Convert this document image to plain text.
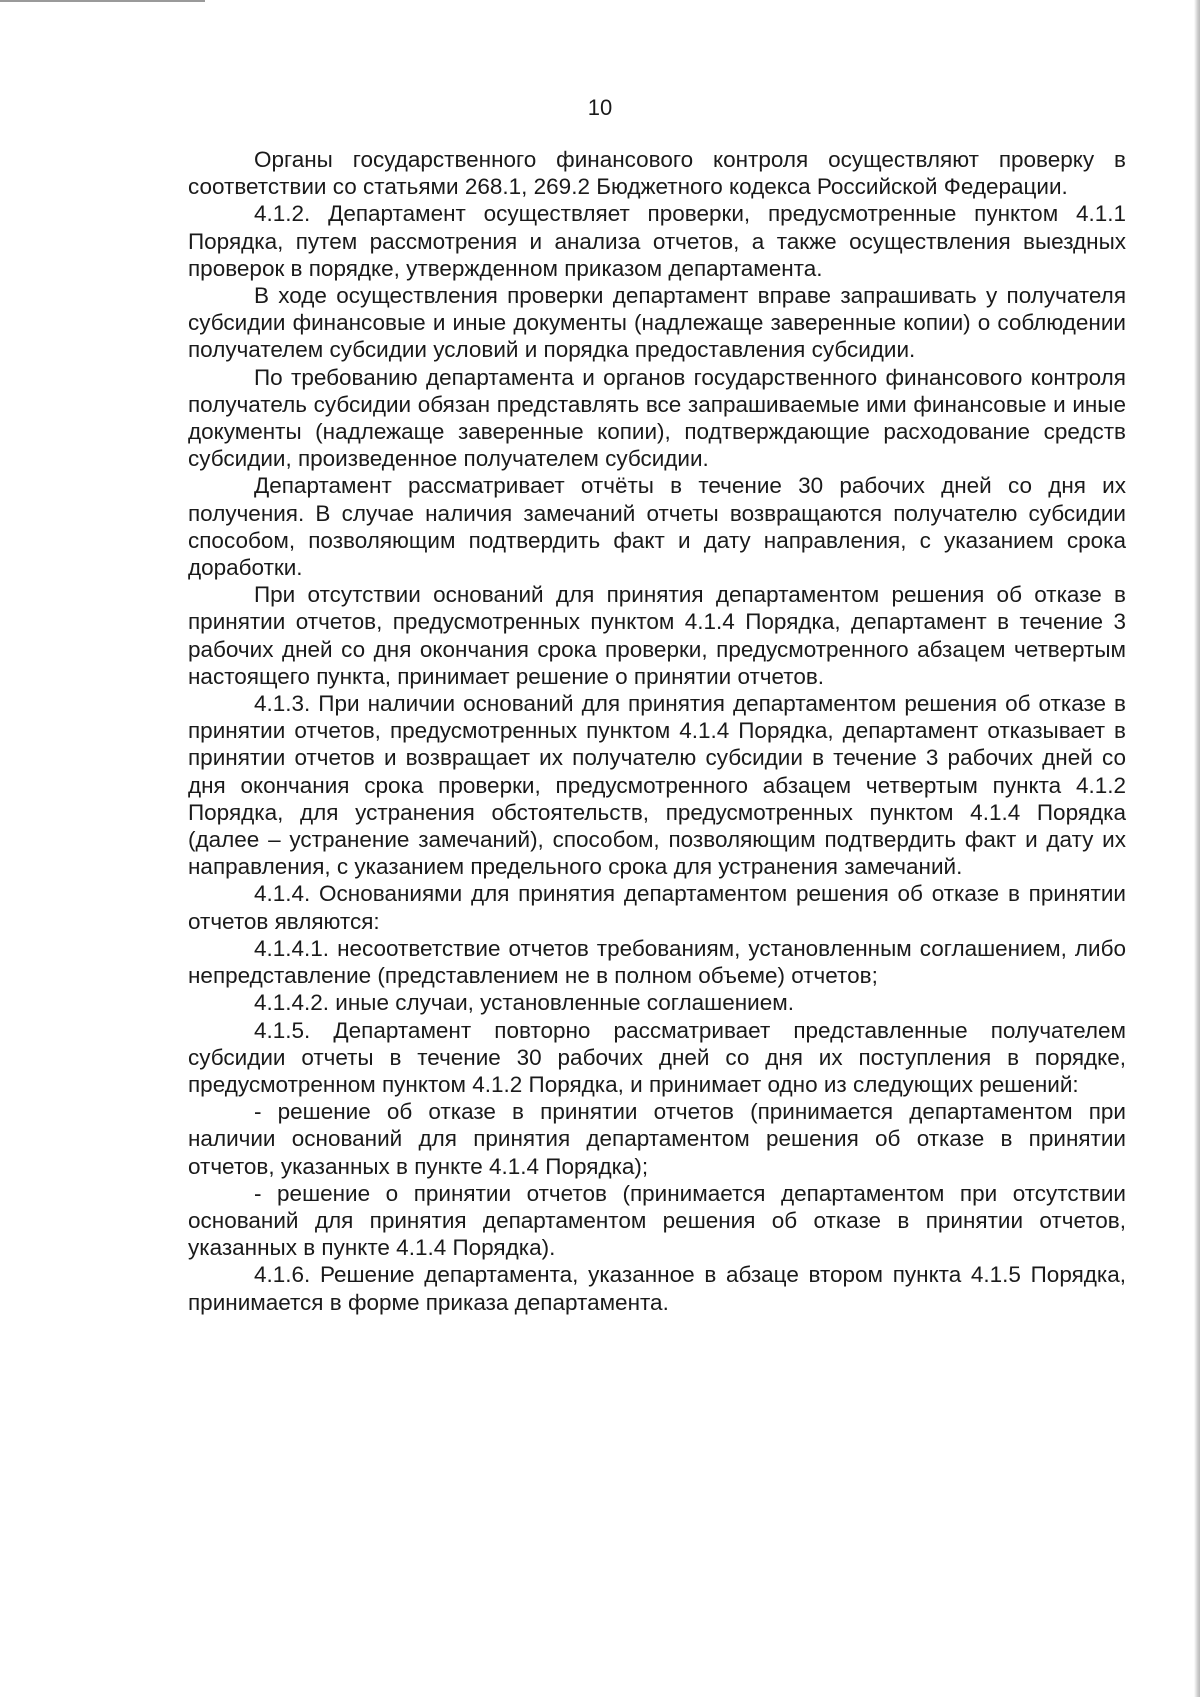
10

Органы государственного финансового контроля осуществляют проверку в соответствии со статьями 268.1, 269.2 Бюджетного кодекса Российской Федерации.

4.1.2. Департамент осуществляет проверки, предусмотренные пунктом 4.1.1 Порядка, путем рассмотрения и анализа отчетов, а также осуществления выездных проверок в порядке, утвержденном приказом департамента.

В ходе осуществления проверки департамент вправе запрашивать у получателя субсидии финансовые и иные документы (надлежаще заверенные копии) о соблюдении получателем субсидии условий и порядка предоставления субсидии.

По требованию департамента и органов государственного финансового контроля получатель субсидии обязан представлять все запрашиваемые ими финансовые и иные документы (надлежаще заверенные копии), подтверждающие расходование средств субсидии, произведенное получателем субсидии.

Департамент рассматривает отчёты в течение 30 рабочих дней со дня их получения. В случае наличия замечаний отчеты возвращаются получателю субсидии способом, позволяющим подтвердить факт и дату направления, с указанием срока доработки.

При отсутствии оснований для принятия департаментом решения об отказе в принятии отчетов, предусмотренных пунктом 4.1.4 Порядка, департамент в течение 3 рабочих дней со дня окончания срока проверки, предусмотренного абзацем четвертым настоящего пункта, принимает решение о принятии отчетов.

4.1.3. При наличии оснований для принятия департаментом решения об отказе в принятии отчетов, предусмотренных пунктом 4.1.4 Порядка, департамент отказывает в принятии отчетов и возвращает их получателю субсидии в течение 3 рабочих дней со дня окончания срока проверки, предусмотренного абзацем четвертым пункта 4.1.2 Порядка, для устранения обстоятельств, предусмотренных пунктом 4.1.4 Порядка (далее – устранение замечаний), способом, позволяющим подтвердить факт и дату их направления, с указанием предельного срока для устранения замечаний.

4.1.4. Основаниями для принятия департаментом решения об отказе в принятии отчетов являются:

4.1.4.1. несоответствие отчетов требованиям, установленным соглашением, либо непредставление (представлением не в полном объеме) отчетов;

4.1.4.2. иные случаи, установленные соглашением.

4.1.5. Департамент повторно рассматривает представленные получателем субсидии отчеты в течение 30 рабочих дней со дня их поступления в порядке, предусмотренном пунктом 4.1.2 Порядка, и принимает одно из следующих решений:

- решение об отказе в принятии отчетов (принимается департаментом при наличии оснований для принятия департаментом решения об отказе в принятии отчетов, указанных в пункте 4.1.4 Порядка);

- решение о принятии отчетов (принимается департаментом при отсутствии оснований для принятия департаментом решения об отказе в принятии отчетов, указанных в пункте 4.1.4 Порядка).

4.1.6. Решение департамента, указанное в абзаце втором пункта 4.1.5 Порядка, принимается в форме приказа департамента.
